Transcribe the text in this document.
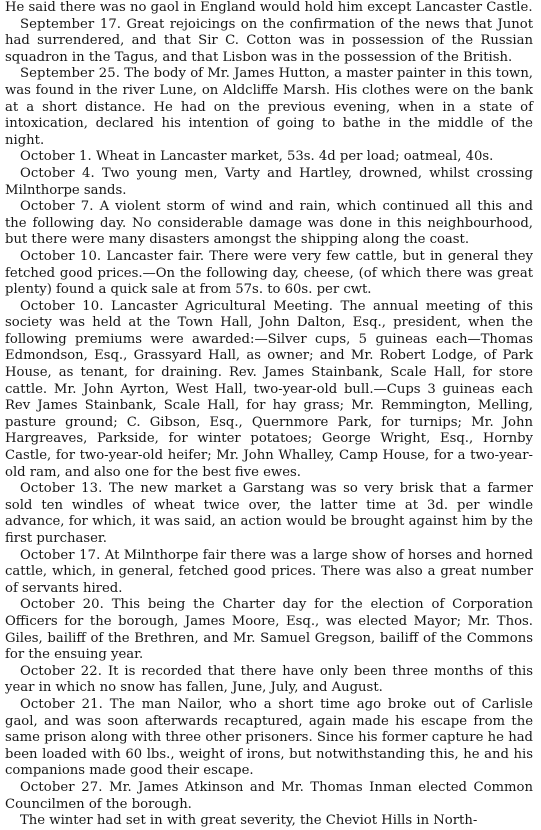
He said there was no gaol in England would hold him except Lancaster Castle.

September 17. Great rejoicings on the confirmation of the news that Junot had surrendered, and that Sir C. Cotton was in possession of the Russian squadron in the Tagus, and that Lisbon was in the possession of the British.

September 25. The body of Mr. James Hutton, a master painter in this town, was found in the river Lune, on Aldcliffe Marsh. His clothes were on the bank at a short distance. He had on the previous evening, when in a state of intoxication, declared his intention of going to bathe in the middle of the night.

October 1. Wheat in Lancaster market, 53s. 4d per load; oatmeal, 40s.

October 4. Two young men, Varty and Hartley, drowned, whilst crossing Milnthorpe sands.

October 7. A violent storm of wind and rain, which continued all this and the following day. No considerable damage was done in this neighbourhood, but there were many disasters amongst the shipping along the coast.

October 10. Lancaster fair. There were very few cattle, but in general they fetched good prices.—On the following day, cheese, (of which there was great plenty) found a quick sale at from 57s. to 60s. per cwt.

October 10. Lancaster Agricultural Meeting. The annual meeting of this society was held at the Town Hall, John Dalton, Esq., president, when the following premiums were awarded:—Silver cups, 5 guineas each—Thomas Edmondson, Esq., Grassyard Hall, as owner; and Mr. Robert Lodge, of Park House, as tenant, for draining. Rev. James Stainbank, Scale Hall, for store cattle. Mr. John Ayrton, West Hall, two-year-old bull.—Cups 3 guineas each Rev James Stainbank, Scale Hall, for hay grass; Mr. Remmington, Melling, pasture ground; C. Gibson, Esq., Quernmore Park, for turnips; Mr. John Hargreaves, Parkside, for winter potatoes; George Wright, Esq., Hornby Castle, for two-year-old heifer; Mr. John Whalley, Camp House, for a two-year-old ram, and also one for the best five ewes.

October 13. The new market a Garstang was so very brisk that a farmer sold ten windles of wheat twice over, the latter time at 3d. per windle advance, for which, it was said, an action would be brought against him by the first purchaser.

October 17. At Milnthorpe fair there was a large show of horses and horned cattle, which, in general, fetched good prices. There was also a great number of servants hired.

October 20. This being the Charter day for the election of Corporation Officers for the borough, James Moore, Esq., was elected Mayor; Mr. Thos. Giles, bailiff of the Brethren, and Mr. Samuel Gregson, bailiff of the Commons for the ensuing year.

October 22. It is recorded that there have only been three months of this year in which no snow has fallen, June, July, and August.

October 21. The man Nailor, who a short time ago broke out of Carlisle gaol, and was soon afterwards recaptured, again made his escape from the same prison along with three other prisoners. Since his former capture he had been loaded with 60 lbs., weight of irons, but notwithstanding this, he and his companions made good their escape.

October 27. Mr. James Atkinson and Mr. Thomas Inman elected Common Councilmen of the borough.

The winter had set in with great severity, the Cheviot Hills in North-
